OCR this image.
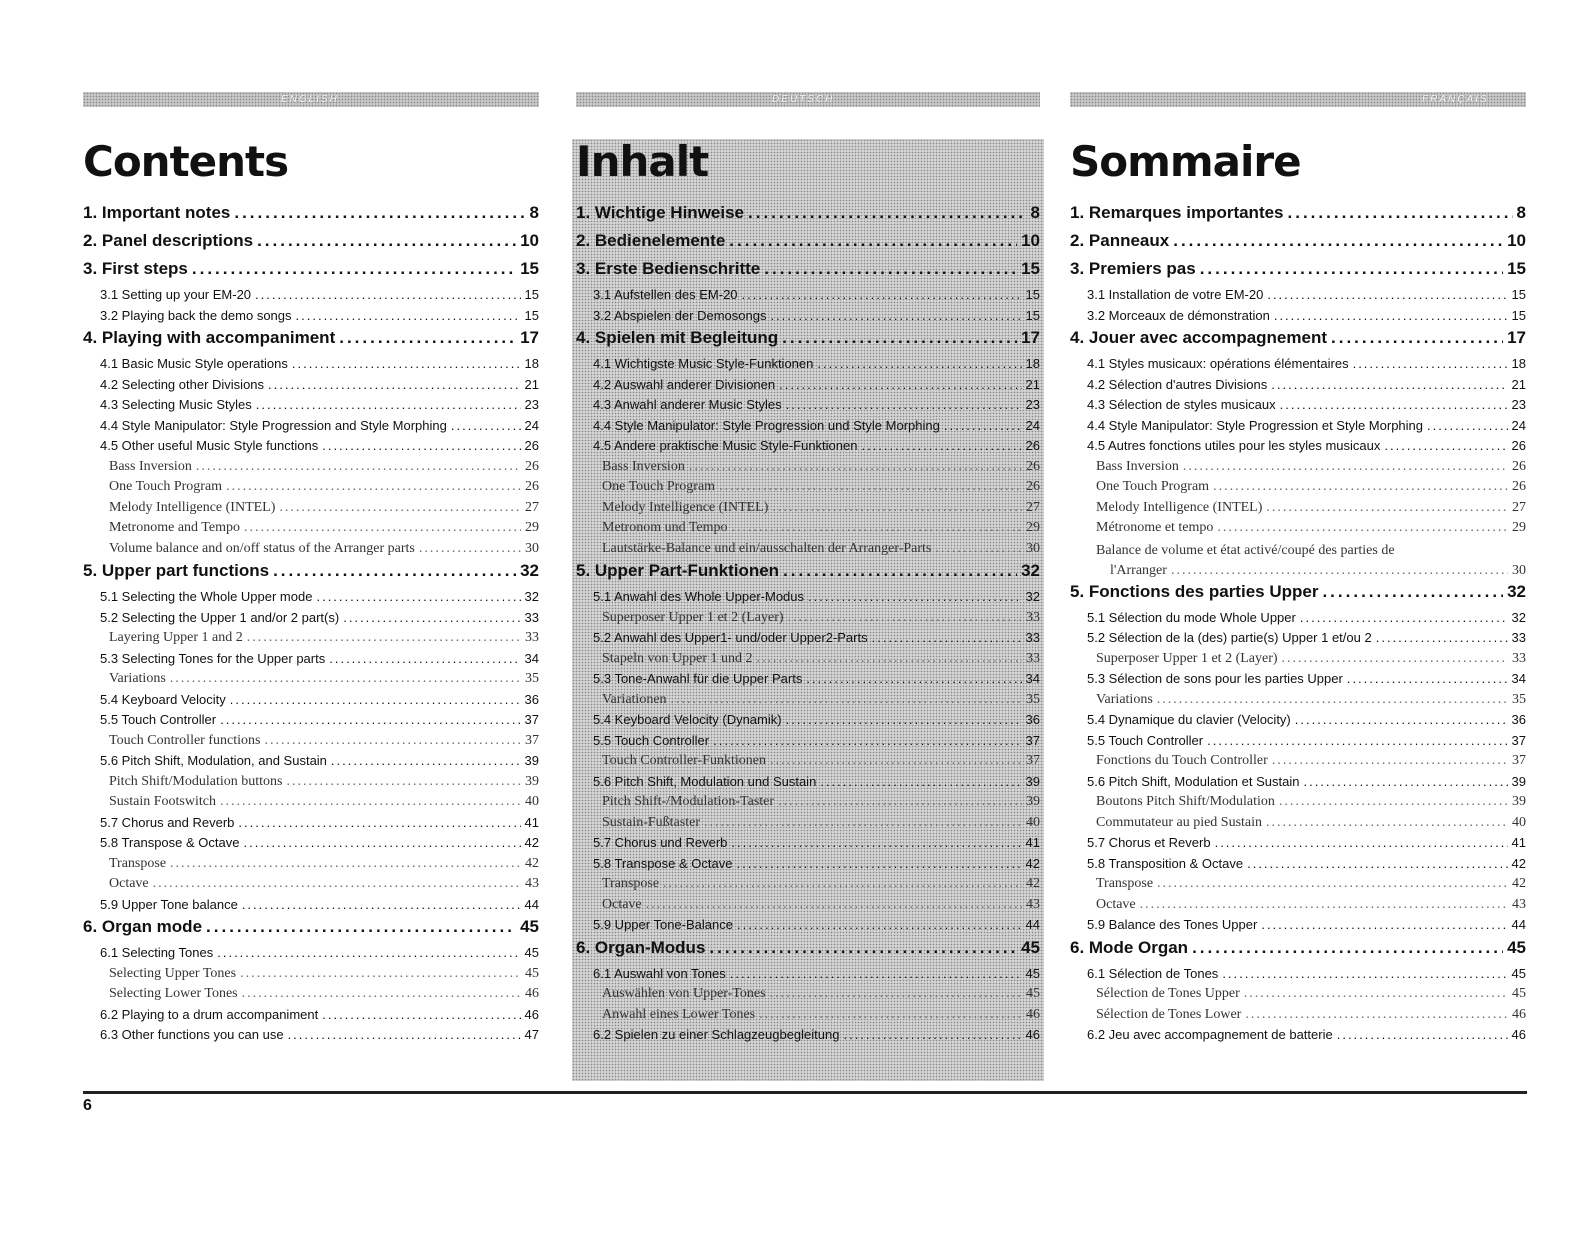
ENGLISH
Contents
1. Important notes .....	8
2. Panel descriptions .....	10
3. First steps .....	15
3.1 Setting up your EM-20 .....	15
3.2 Playing back the demo songs .....	15
4. Playing with accompaniment .....	17
4.1 Basic Music Style operations .....	18
4.2 Selecting other Divisions .....	21
4.3 Selecting Music Styles .....	23
4.4 Style Manipulator: Style Progression and Style Morphing .....	24
4.5 Other useful Music Style functions .....	26
Bass Inversion .....	26
One Touch Program .....	26
Melody Intelligence (INTEL) .....	27
Metronome and Tempo .....	29
Volume balance and on/off status of the Arranger parts .....	30
5. Upper part functions .....	32
5.1 Selecting the Whole Upper mode .....	32
5.2 Selecting the Upper 1 and/or 2 part(s) .....	33
Layering Upper 1 and 2 .....	33
5.3 Selecting Tones for the Upper parts .....	34
Variations .....	35
5.4 Keyboard Velocity .....	36
5.5 Touch Controller .....	37
Touch Controller functions .....	37
5.6 Pitch Shift, Modulation, and Sustain .....	39
Pitch Shift/Modulation buttons .....	39
Sustain Footswitch .....	40
5.7 Chorus and Reverb .....	41
5.8 Transpose & Octave .....	42
Transpose .....	42
Octave .....	43
5.9 Upper Tone balance .....	44
6. Organ mode .....	45
6.1 Selecting Tones .....	45
Selecting Upper Tones .....	45
Selecting Lower Tones .....	46
6.2 Playing to a drum accompaniment .....	46
6.3 Other functions you can use .....	47
DEUTSCH
Inhalt
1. Wichtige Hinweise .....	8
2. Bedienelemente .....	10
3. Erste Bedienschritte .....	15
3.1 Aufstellen des EM-20 .....	15
3.2 Abspielen der Demosongs .....	15
4. Spielen mit Begleitung .....	17
4.1 Wichtigste Music Style-Funktionen .....	18
4.2 Auswahl anderer Divisionen .....	21
4.3 Anwahl anderer Music Styles .....	23
4.4 Style Manipulator: Style Progression und Style Morphing .....	24
4.5 Andere praktische Music Style-Funktionen .....	26
Bass Inversion .....	26
One Touch Program .....	26
Melody Intelligence (INTEL) .....	27
Metronom und Tempo .....	29
Lautstärke-Balance und ein/ausschalten der Arranger-Parts .....	30
5. Upper Part-Funktionen .....	32
5.1 Anwahl des Whole Upper-Modus .....	32
Superposer Upper 1 et 2 (Layer) .....	33
5.2 Anwahl des Upper1- und/oder Upper2-Parts .....	33
Stapeln von Upper 1 und 2 .....	33
5.3 Tone-Anwahl für die Upper Parts .....	34
Variationen .....	35
5.4 Keyboard Velocity (Dynamik) .....	36
5.5 Touch Controller .....	37
Touch Controller-Funktionen .....	37
5.6 Pitch Shift, Modulation und Sustain .....	39
Pitch Shift-/Modulation-Taster .....	39
Sustain-Fußtaster .....	40
5.7 Chorus und Reverb .....	41
5.8 Transpose & Octave .....	42
Transpose .....	42
Octave .....	43
5.9 Upper Tone-Balance .....	44
6. Organ-Modus .....	45
6.1 Auswahl von Tones .....	45
Auswählen von Upper-Tones .....	45
Anwahl eines Lower Tones .....	46
6.2 Spielen zu einer Schlagzeugbegleitung .....	46
FRANÇAIS
Sommaire
1. Remarques importantes .....	8
2. Panneaux .....	10
3. Premiers pas .....	15
3.1 Installation de votre EM-20 .....	15
3.2 Morceaux de démonstration .....	15
4. Jouer avec accompagnement .....	17
4.1 Styles musicaux: opérations élémentaires .....	18
4.2 Sélection d'autres Divisions .....	21
4.3 Sélection de styles musicaux .....	23
4.4 Style Manipulator: Style Progression et Style Morphing .....	24
4.5 Autres fonctions utiles pour les styles musicaux .....	26
Bass Inversion .....	26
One Touch Program .....	26
Melody Intelligence (INTEL) .....	27
Métronome et tempo .....	29
Balance de volume et état activé/coupé des parties de
l'Arranger .....	30
5. Fonctions des parties Upper .....	32
5.1 Sélection du mode Whole Upper .....	32
5.2 Sélection de la (des) partie(s) Upper 1 et/ou 2 .....	33
Superposer Upper 1 et 2 (Layer) .....	33
5.3 Sélection de sons pour les parties Upper .....	34
Variations .....	35
5.4 Dynamique du clavier (Velocity) .....	36
5.5 Touch Controller .....	37
Fonctions du Touch Controller .....	37
5.6 Pitch Shift, Modulation et Sustain .....	39
Boutons Pitch Shift/Modulation .....	39
Commutateur au pied Sustain .....	40
5.7 Chorus et Reverb .....	41
5.8 Transposition & Octave .....	42
Transpose .....	42
Octave .....	43
5.9 Balance des Tones Upper .....	44
6. Mode Organ .....	45
6.1 Sélection de Tones .....	45
Sélection de Tones Upper .....	45
Sélection de Tones Lower .....	46
6.2 Jeu avec accompagnement de batterie .....	46
6
